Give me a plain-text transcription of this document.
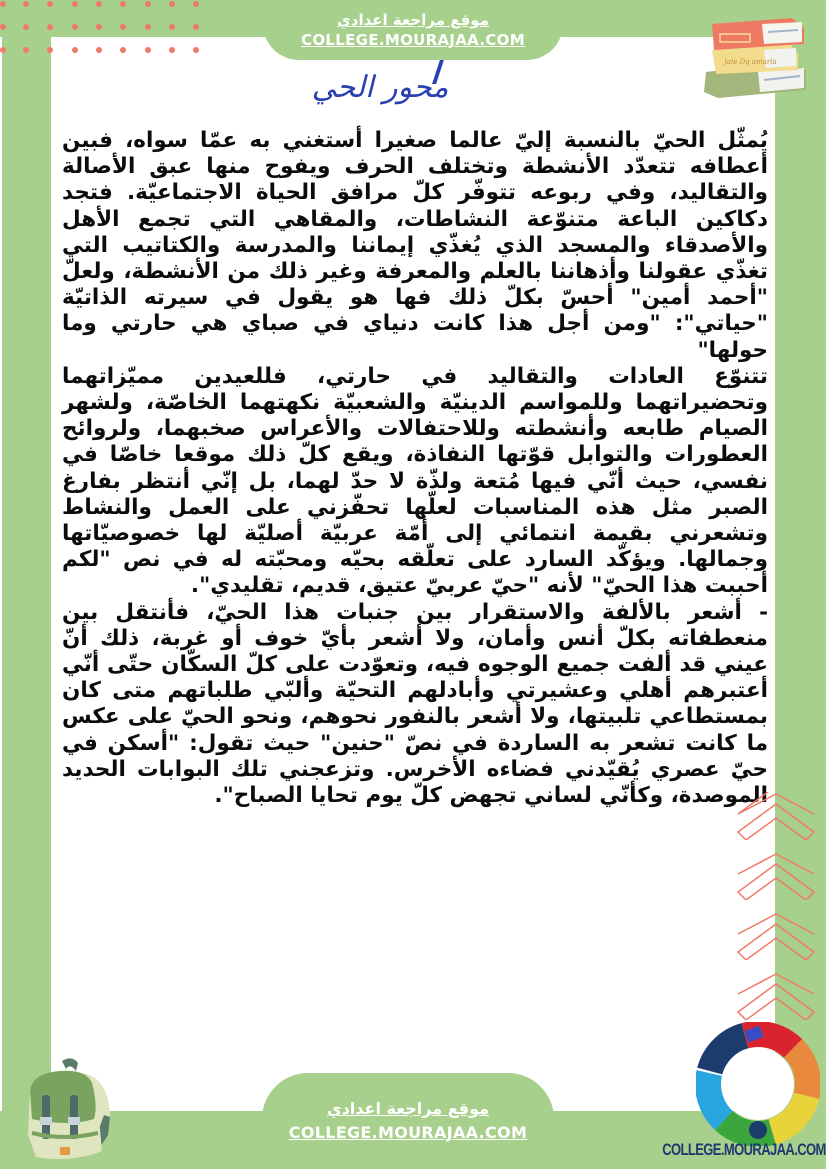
موقع مراجعة اعدادي
COLLEGE.MOURAJAA.COM
Jale Dq amarla
محور الحي

يُمثّل الحيّ بالنسبة إليّ عالما صغيرا أستغني به عمّا سواه، فبين أعطافه تتعدّد الأنشطة وتختلف الحرف ويفوح منها عبق الأصالة والتقاليد، وفي ربوعه تتوفّر كلّ مرافق الحياة الاجتماعيّة. فتجد دكاكين الباعة متنوّعة النشاطات، والمقاهي التي تجمع الأهل والأصدقاء والمسجد الذي يُغذّي إيماننا والمدرسة والكتاتيب التي تغذّي عقولنا وأذهاننا بالعلم والمعرفة وغير ذلك من الأنشطة، ولعلّ "أحمد أمين" أحسّ بكلّ ذلك فها هو يقول في سيرته الذاتيّة "حياتي": "ومن أجل هذا كانت دنياي في صباي هي حارتي وما حولها"

تتنوّع العادات والتقاليد في حارتي، فللعيدين مميّزاتهما وتحضيراتهما وللمواسم الدينيّة والشعبيّة نكهتهما الخاصّة، ولشهر الصيام طابعه وأنشطته وللاحتفالات والأعراس صخبهما، ولروائح العطورات والتوابل قوّتها النفاذة، ويقع كلّ ذلك موقعا خاصّا في نفسي، حيث أنّي فيها مُتعة ولذّة لا حدّ لهما، بل إنّي أنتظر بفارغ الصبر مثل هذه المناسبات لعلّها تحفّزني على العمل والنشاط وتشعرني بقيمة انتمائي إلى أمّة عربيّة أصليّة لها خصوصيّاتها وجمالها. ويؤكّد السارد على تعلّقه بحيّه ومحبّته له في نص "لكم أحببت هذا الحيّ" لأنه "حيّ عربيّ عتيق، قديم، تقليدي".

- أشعر بالألفة والاستقرار بين جنبات هذا الحيّ، فأنتقل بين منعطفاته بكلّ أنس وأمان، ولا أشعر بأيّ خوف أو غربة، ذلك أنّ عيني قد ألفت جميع الوجوه فيه، وتعوّدت على كلّ السكّان حتّى أنّي أعتبرهم أهلي وعشيرتي وأبادلهم التحيّة وألبّي طلباتهم متى كان بمستطاعي تلبيتها، ولا أشعر بالنفور نحوهم، ونحو الحيّ على عكس ما كانت تشعر به الساردة في نصّ "حنين" حيث تقول: "أسكن في حيّ عصري يُقيّدني فضاءه الأخرس. وتزعجني تلك البوابات الحديد الموصدة، وكأنّي لساني تجهض كلّ يوم تحايا الصباح".

موقع مراجعة اعدادي
COLLEGE.MOURAJAA.COM
COLLEGE.MOURAJAA.COM
